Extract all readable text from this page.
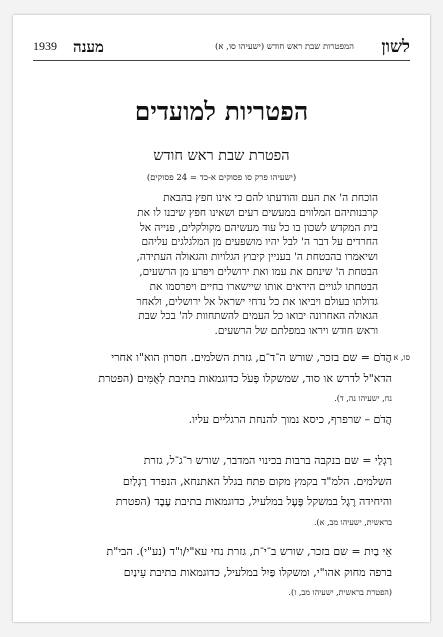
לשון
המפטרות שבת ראש חודש (ישעיהו סו, א)
מענה
1939
הפטריות למועדים
הפטרת שבת ראש חודש
(ישעיהו פרק סו פסוקים א-כד = 24 פסוקים)
הוכחת ה' את העם והודעתו להם כי אינו חפץ בהבאת
קרבנותיהם המלווים במעשים רעים ושאינו חפץ שיבנו לו את
בית המקדש לשכון בו כל עוד מעשיהם מקולקלים, פנייה אל
החרדים על דבר ה' לבל יהיו מושפעים מן המלגלגים עליהם
ושיאמרו בהבטחת ה' בעניין קיבוץ הגלויות והגאולה העתידה,
הבטחת ה' שינחם את עמו ואת ירושלים ויפרע מן הרשעים,
הבטחתו לגויים היראים אותו שיישארו בחיים ויפרסמו את
גדולתו בעולם ויביאו את כל נדחי ישראל אל ירושלים, ולאחר
הגאולה האחרונה יבואו כל העמים להשתחוות לה' בכל שבת
וראש חודש ויראו במפלתם של הרשעים.
סו, א
הֲדֹם = שם בזכר, שורש ה־ד־ם, גזרת השלמים. חסרון הוא"ו אחרי
הדא"ל לדרש או סוד, שמשקלו פְּעֹל כדוגמאות בתיבת לְאֻמִּים (הפטרת
נח, ישעיהו נה, ד).
הֲדֹם – שרפרף, כיסא נמוך להנחת הרגליים עליו.
רַגְלַי = שם בנקבה ברבות בכינוי המדבר, שורש ר־ג־ל, גזרת
השלמים. הלמ"ד בקמץ מקום פתח בגלל האתנחא, הנפרד רַגְלַיִם
והיחידה רֶגֶל במשקל פֶּעֶל במלעיל, כדוגמאות בתיבת עֶבֶד (הפטרת
בראשית, ישעיהו מב, א).
אֵי בַיִת = שם בזכר, שורש ב־י־ת, גזרת נחי עא"י/ו"ד (נע"י). הבי"ת
ברפה מחוק אהו"י, ומשקלו פַּיִל במלעיל, כדוגמאות בתיבת עֵינַיִם
(הפטרת בראשית, ישעיהו מב, ז).
